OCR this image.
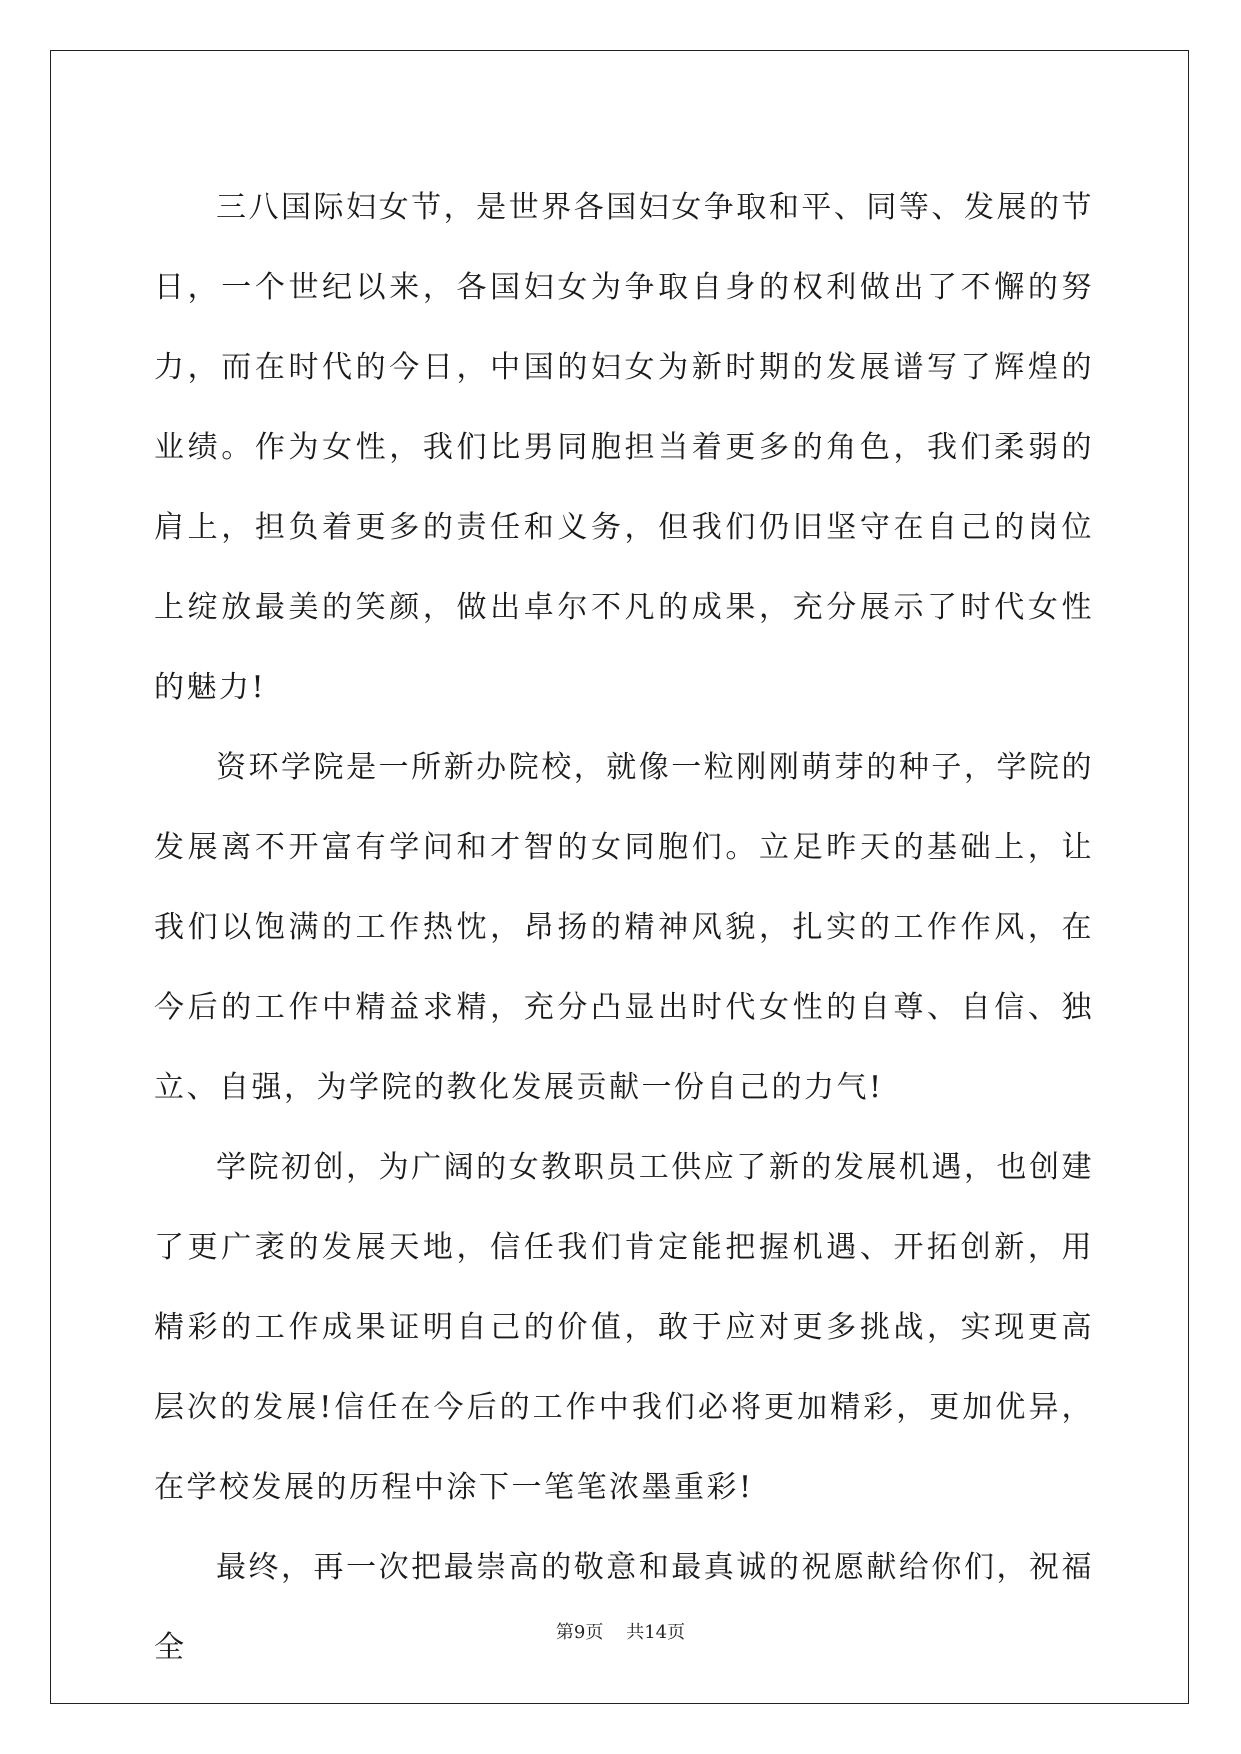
三八国际妇女节，是世界各国妇女争取和平、同等、发展的节日，一个世纪以来，各国妇女为争取自身的权利做出了不懈的努力，而在时代的今日，中国的妇女为新时期的发展谱写了辉煌的业绩。作为女性，我们比男同胞担当着更多的角色，我们柔弱的肩上，担负着更多的责任和义务，但我们仍旧坚守在自己的岗位上绽放最美的笑颜，做出卓尔不凡的成果，充分展示了时代女性的魅力!

资环学院是一所新办院校，就像一粒刚刚萌芽的种子，学院的发展离不开富有学问和才智的女同胞们。立足昨天的基础上，让我们以饱满的工作热忱，昂扬的精神风貌，扎实的工作作风，在今后的工作中精益求精，充分凸显出时代女性的自尊、自信、独立、自强，为学院的教化发展贡献一份自己的力气!

学院初创，为广阔的女教职员工供应了新的发展机遇，也创建了更广袤的发展天地，信任我们肯定能把握机遇、开拓创新，用精彩的工作成果证明自己的价值，敢于应对更多挑战，实现更高层次的发展!信任在今后的工作中我们必将更加精彩，更加优异，在学校发展的历程中涂下一笔笔浓墨重彩!

最终，再一次把最崇高的敬意和最真诚的祝愿献给你们，祝福全	第9页 共14页
